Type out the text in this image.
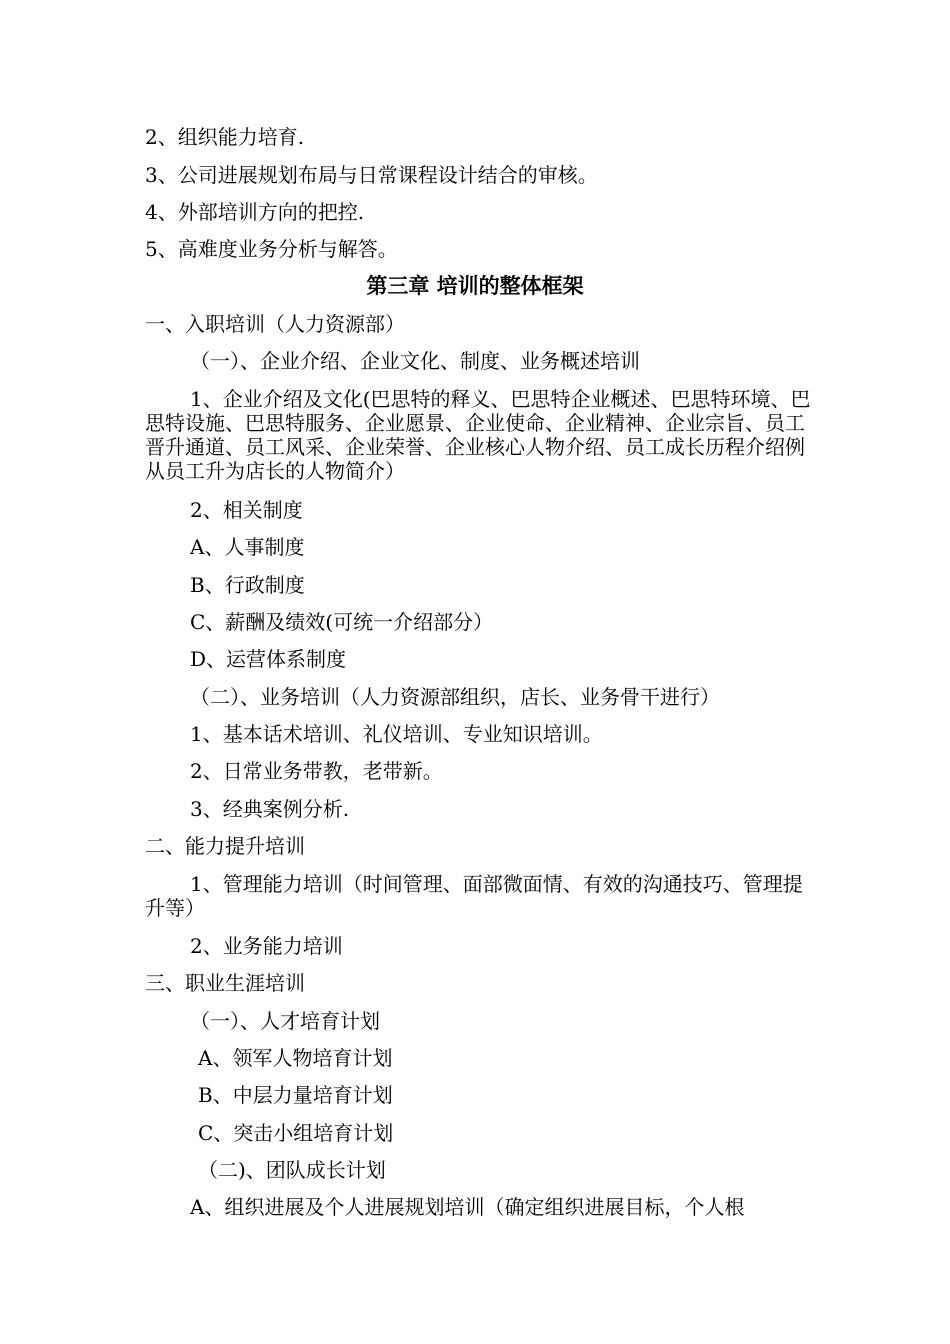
2、组织能力培育.
3、公司进展规划布局与日常课程设计结合的审核。
4、外部培训方向的把控.
5、高难度业务分析与解答。
第三章 培训的整体框架
一、入职培训（人力资源部）
（一）、企业介绍、企业文化、制度、业务概述培训
1、企业介绍及文化(巴思特的释义、巴思特企业概述、巴思特环境、巴思特设施、巴思特服务、企业愿景、企业使命、企业精神、企业宗旨、员工晋升通道、员工风采、企业荣誉、企业核心人物介绍、员工成长历程介绍例从员工升为店长的人物简介）
2、相关制度
A、人事制度
B、行政制度
C、薪酬及绩效(可统一介绍部分）
D、运营体系制度
（二）、业务培训（人力资源部组织，店长、业务骨干进行）
1、基本话术培训、礼仪培训、专业知识培训。
2、日常业务带教，老带新。
3、经典案例分析.
二、能力提升培训
1、管理能力培训（时间管理、面部微面情、有效的沟通技巧、管理提升等）
2、业务能力培训
三、职业生涯培训
（一）、人才培育计划
A、领军人物培育计划
B、中层力量培育计划
C、突击小组培育计划
（二)、团队成长计划
A、组织进展及个人进展规划培训（确定组织进展目标，个人根
